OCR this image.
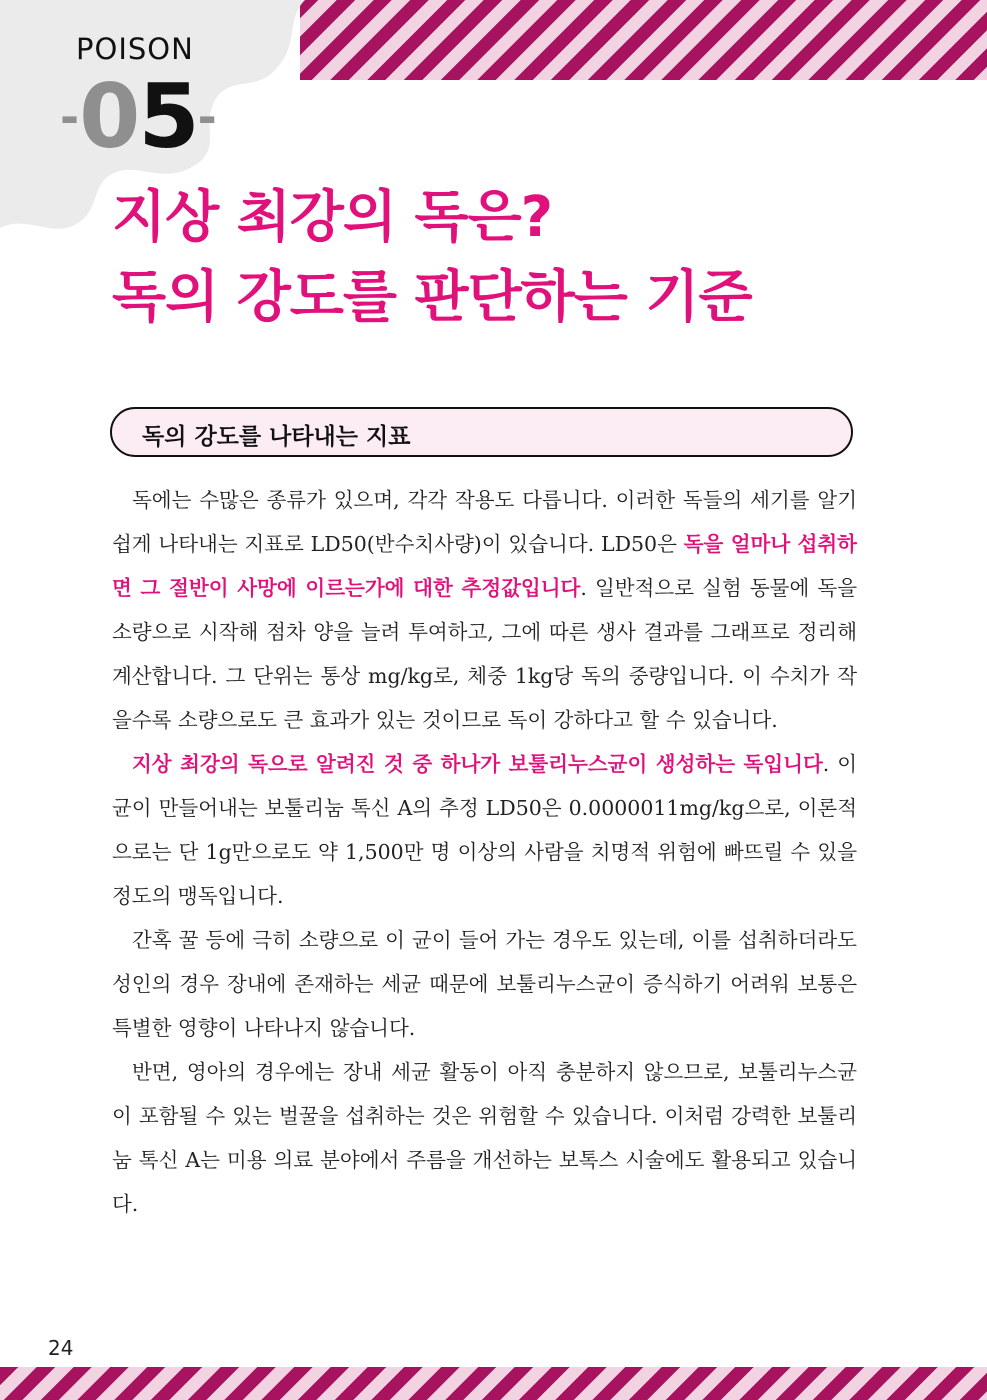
POISON
- 05 -
지상 최강의 독은?
독의 강도를 판단하는 기준
독의 강도를 나타내는 지표

독에는 수많은 종류가 있으며, 각각 작용도 다릅니다. 이러한 독들의 세기를 알기 쉽게 나타내는 지표로 LD50(반수치사량)이 있습니다. LD50은 독을 얼마나 섭취하면 그 절반이 사망에 이르는가에 대한 추정값입니다. 일반적으로 실험 동물에 독을 소량으로 시작해 점차 양을 늘려 투여하고, 그에 따른 생사 결과를 그래프로 정리해 계산합니다. 그 단위는 통상 mg/kg로, 체중 1kg당 독의 중량입니다. 이 수치가 작을수록 소량으로도 큰 효과가 있는 것이므로 독이 강하다고 할 수 있습니다.

지상 최강의 독으로 알려진 것 중 하나가 보툴리누스균이 생성하는 독입니다. 이 균이 만들어내는 보툴리눔 톡신 A의 추정 LD50은 0.0000011mg/kg으로, 이론적으로는 단 1g만으로도 약 1,500만 명 이상의 사람을 치명적 위험에 빠뜨릴 수 있을 정도의 맹독입니다.

간혹 꿀 등에 극히 소량으로 이 균이 들어 가는 경우도 있는데, 이를 섭취하더라도 성인의 경우 장내에 존재하는 세균 때문에 보툴리누스균이 증식하기 어려워 보통은 특별한 영향이 나타나지 않습니다.

반면, 영아의 경우에는 장내 세균 활동이 아직 충분하지 않으므로, 보툴리누스균이 포함될 수 있는 벌꿀을 섭취하는 것은 위험할 수 있습니다. 이처럼 강력한 보툴리눔 톡신 A는 미용 의료 분야에서 주름을 개선하는 보톡스 시술에도 활용되고 있습니다.

24
